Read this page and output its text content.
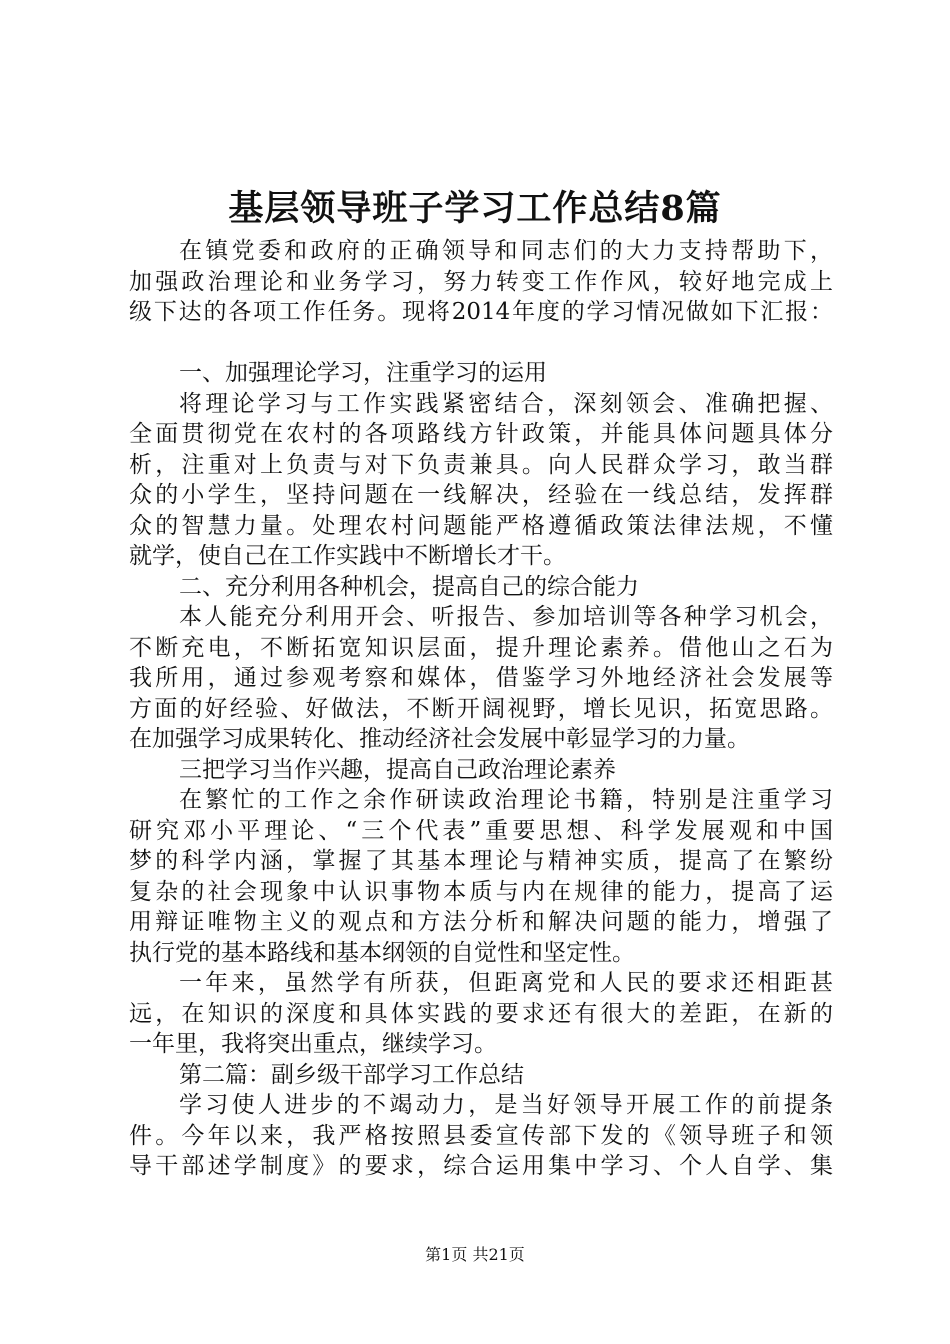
基层领导班子学习工作总结8篇
在镇党委和政府的正确领导和同志们的大力支持帮助下，
加强政治理论和业务学习，努力转变工作作风，较好地完成上
级下达的各项工作任务。现将2014年度的学习情况做如下汇报：
一、加强理论学习，注重学习的运用
将理论学习与工作实践紧密结合，深刻领会、准确把握、
全面贯彻党在农村的各项路线方针政策，并能具体问题具体分
析，注重对上负责与对下负责兼具。向人民群众学习，敢当群
众的小学生，坚持问题在一线解决，经验在一线总结，发挥群
众的智慧力量。处理农村问题能严格遵循政策法律法规，不懂
就学，使自己在工作实践中不断增长才干。
二、充分利用各种机会，提高自己的综合能力
本人能充分利用开会、听报告、参加培训等各种学习机会，
不断充电，不断拓宽知识层面，提升理论素养。借他山之石为
我所用，通过参观考察和媒体，借鉴学习外地经济社会发展等
方面的好经验、好做法，不断开阔视野，增长见识，拓宽思路。
在加强学习成果转化、推动经济社会发展中彰显学习的力量。
三把学习当作兴趣，提高自己政治理论素养
在繁忙的工作之余作研读政治理论书籍，特别是注重学习
研究邓小平理论、“三个代表”重要思想、科学发展观和中国
梦的科学内涵，掌握了其基本理论与精神实质，提高了在繁纷
复杂的社会现象中认识事物本质与内在规律的能力，提高了运
用辩证唯物主义的观点和方法分析和解决问题的能力，增强了
执行党的基本路线和基本纲领的自觉性和坚定性。
一年来，虽然学有所获，但距离党和人民的要求还相距甚
远，在知识的深度和具体实践的要求还有很大的差距，在新的
一年里，我将突出重点，继续学习。
第二篇：副乡级干部学习工作总结
学习使人进步的不竭动力，是当好领导开展工作的前提条
件。今年以来，我严格按照县委宣传部下发的《领导班子和领
导干部述学制度》的要求，综合运用集中学习、个人自学、集
第1页 共21页
